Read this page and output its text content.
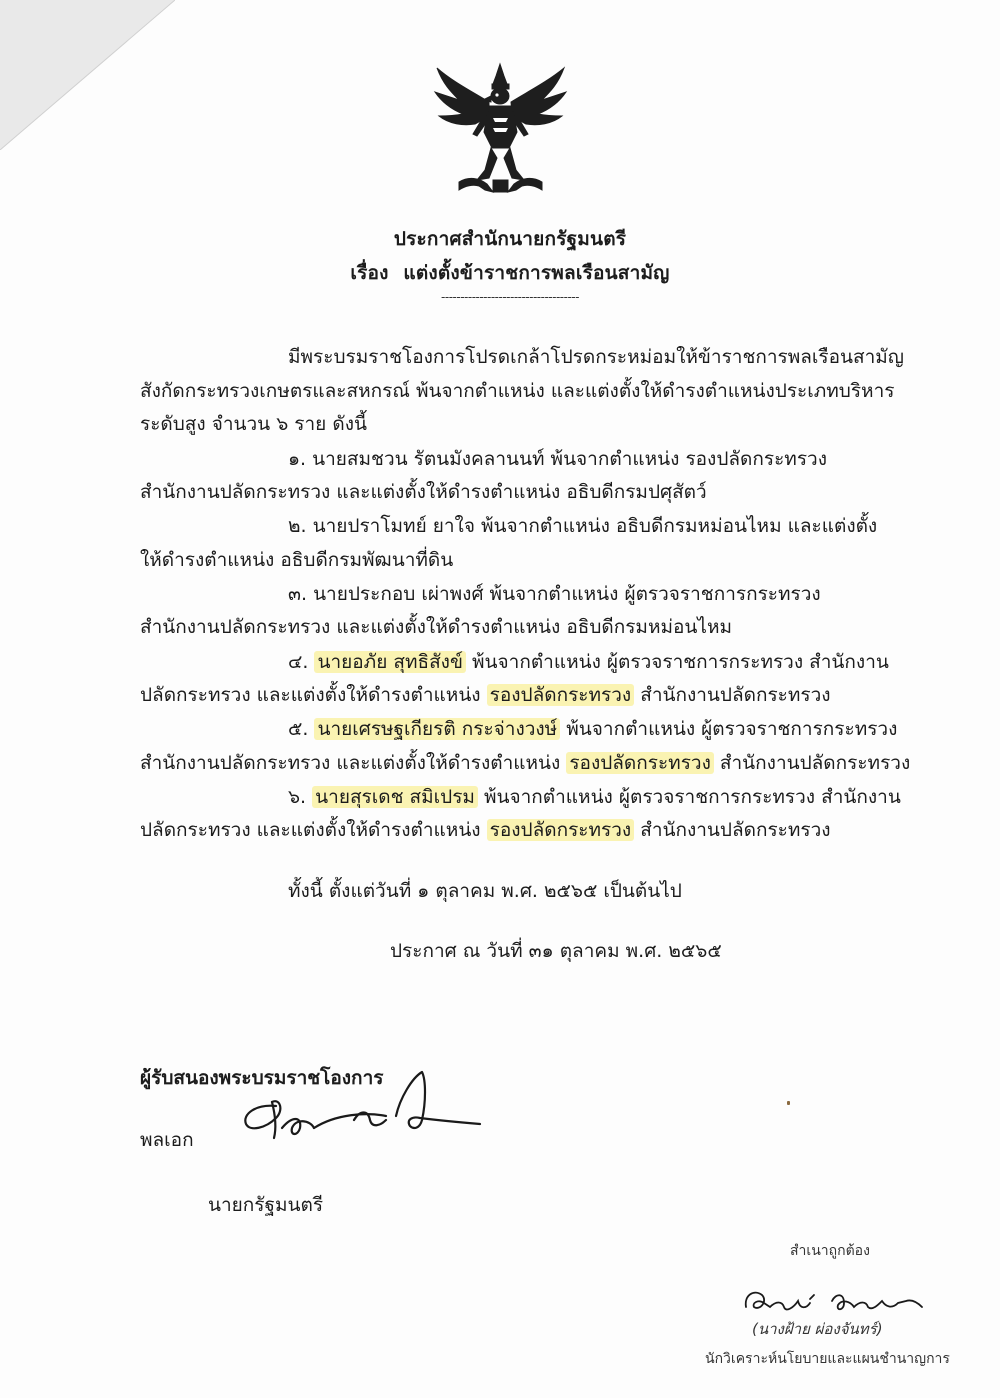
ประกาศสำนักนายกรัฐมนตรี
เรื่อง แต่งตั้งข้าราชการพลเรือนสามัญ
------------------------------------
มีพระบรมราชโองการโปรดเกล้าโปรดกระหม่อมให้ข้าราชการพลเรือนสามัญ
สังกัดกระทรวงเกษตรและสหกรณ์ พ้นจากตำแหน่ง และแต่งตั้งให้ดำรงตำแหน่งประเภทบริหาร
ระดับสูง จำนวน ๖ ราย ดังนี้
๑. นายสมชวน รัตนมังคลานนท์ พ้นจากตำแหน่ง รองปลัดกระทรวง
สำนักงานปลัดกระทรวง และแต่งตั้งให้ดำรงตำแหน่ง อธิบดีกรมปศุสัตว์
๒. นายปราโมทย์ ยาใจ พ้นจากตำแหน่ง อธิบดีกรมหม่อนไหม และแต่งตั้ง
ให้ดำรงตำแหน่ง อธิบดีกรมพัฒนาที่ดิน
๓. นายประกอบ เผ่าพงศ์ พ้นจากตำแหน่ง ผู้ตรวจราชการกระทรวง
สำนักงานปลัดกระทรวง และแต่งตั้งให้ดำรงตำแหน่ง อธิบดีกรมหม่อนไหม
๔. นายอภัย สุทธิสังข์ พ้นจากตำแหน่ง ผู้ตรวจราชการกระทรวง สำนักงาน
ปลัดกระทรวง และแต่งตั้งให้ดำรงตำแหน่ง รองปลัดกระทรวง สำนักงานปลัดกระทรวง
๕. นายเศรษฐเกียรติ กระจ่างวงษ์ พ้นจากตำแหน่ง ผู้ตรวจราชการกระทรวง
สำนักงานปลัดกระทรวง และแต่งตั้งให้ดำรงตำแหน่ง รองปลัดกระทรวง สำนักงานปลัดกระทรวง
๖. นายสุรเดช สมิเปรม พ้นจากตำแหน่ง ผู้ตรวจราชการกระทรวง สำนักงาน
ปลัดกระทรวง และแต่งตั้งให้ดำรงตำแหน่ง รองปลัดกระทรวง สำนักงานปลัดกระทรวง
ทั้งนี้ ตั้งแต่วันที่ ๑ ตุลาคม พ.ศ. ๒๕๖๕ เป็นต้นไป
ประกาศ ณ วันที่ ๓๑ ตุลาคม พ.ศ. ๒๕๖๕
ผู้รับสนองพระบรมราชโองการ
พลเอก
นายกรัฐมนตรี
สำเนาถูกต้อง
(นางฝ้าย ผ่องจันทร์)
นักวิเคราะห์นโยบายและแผนชำนาญการ
